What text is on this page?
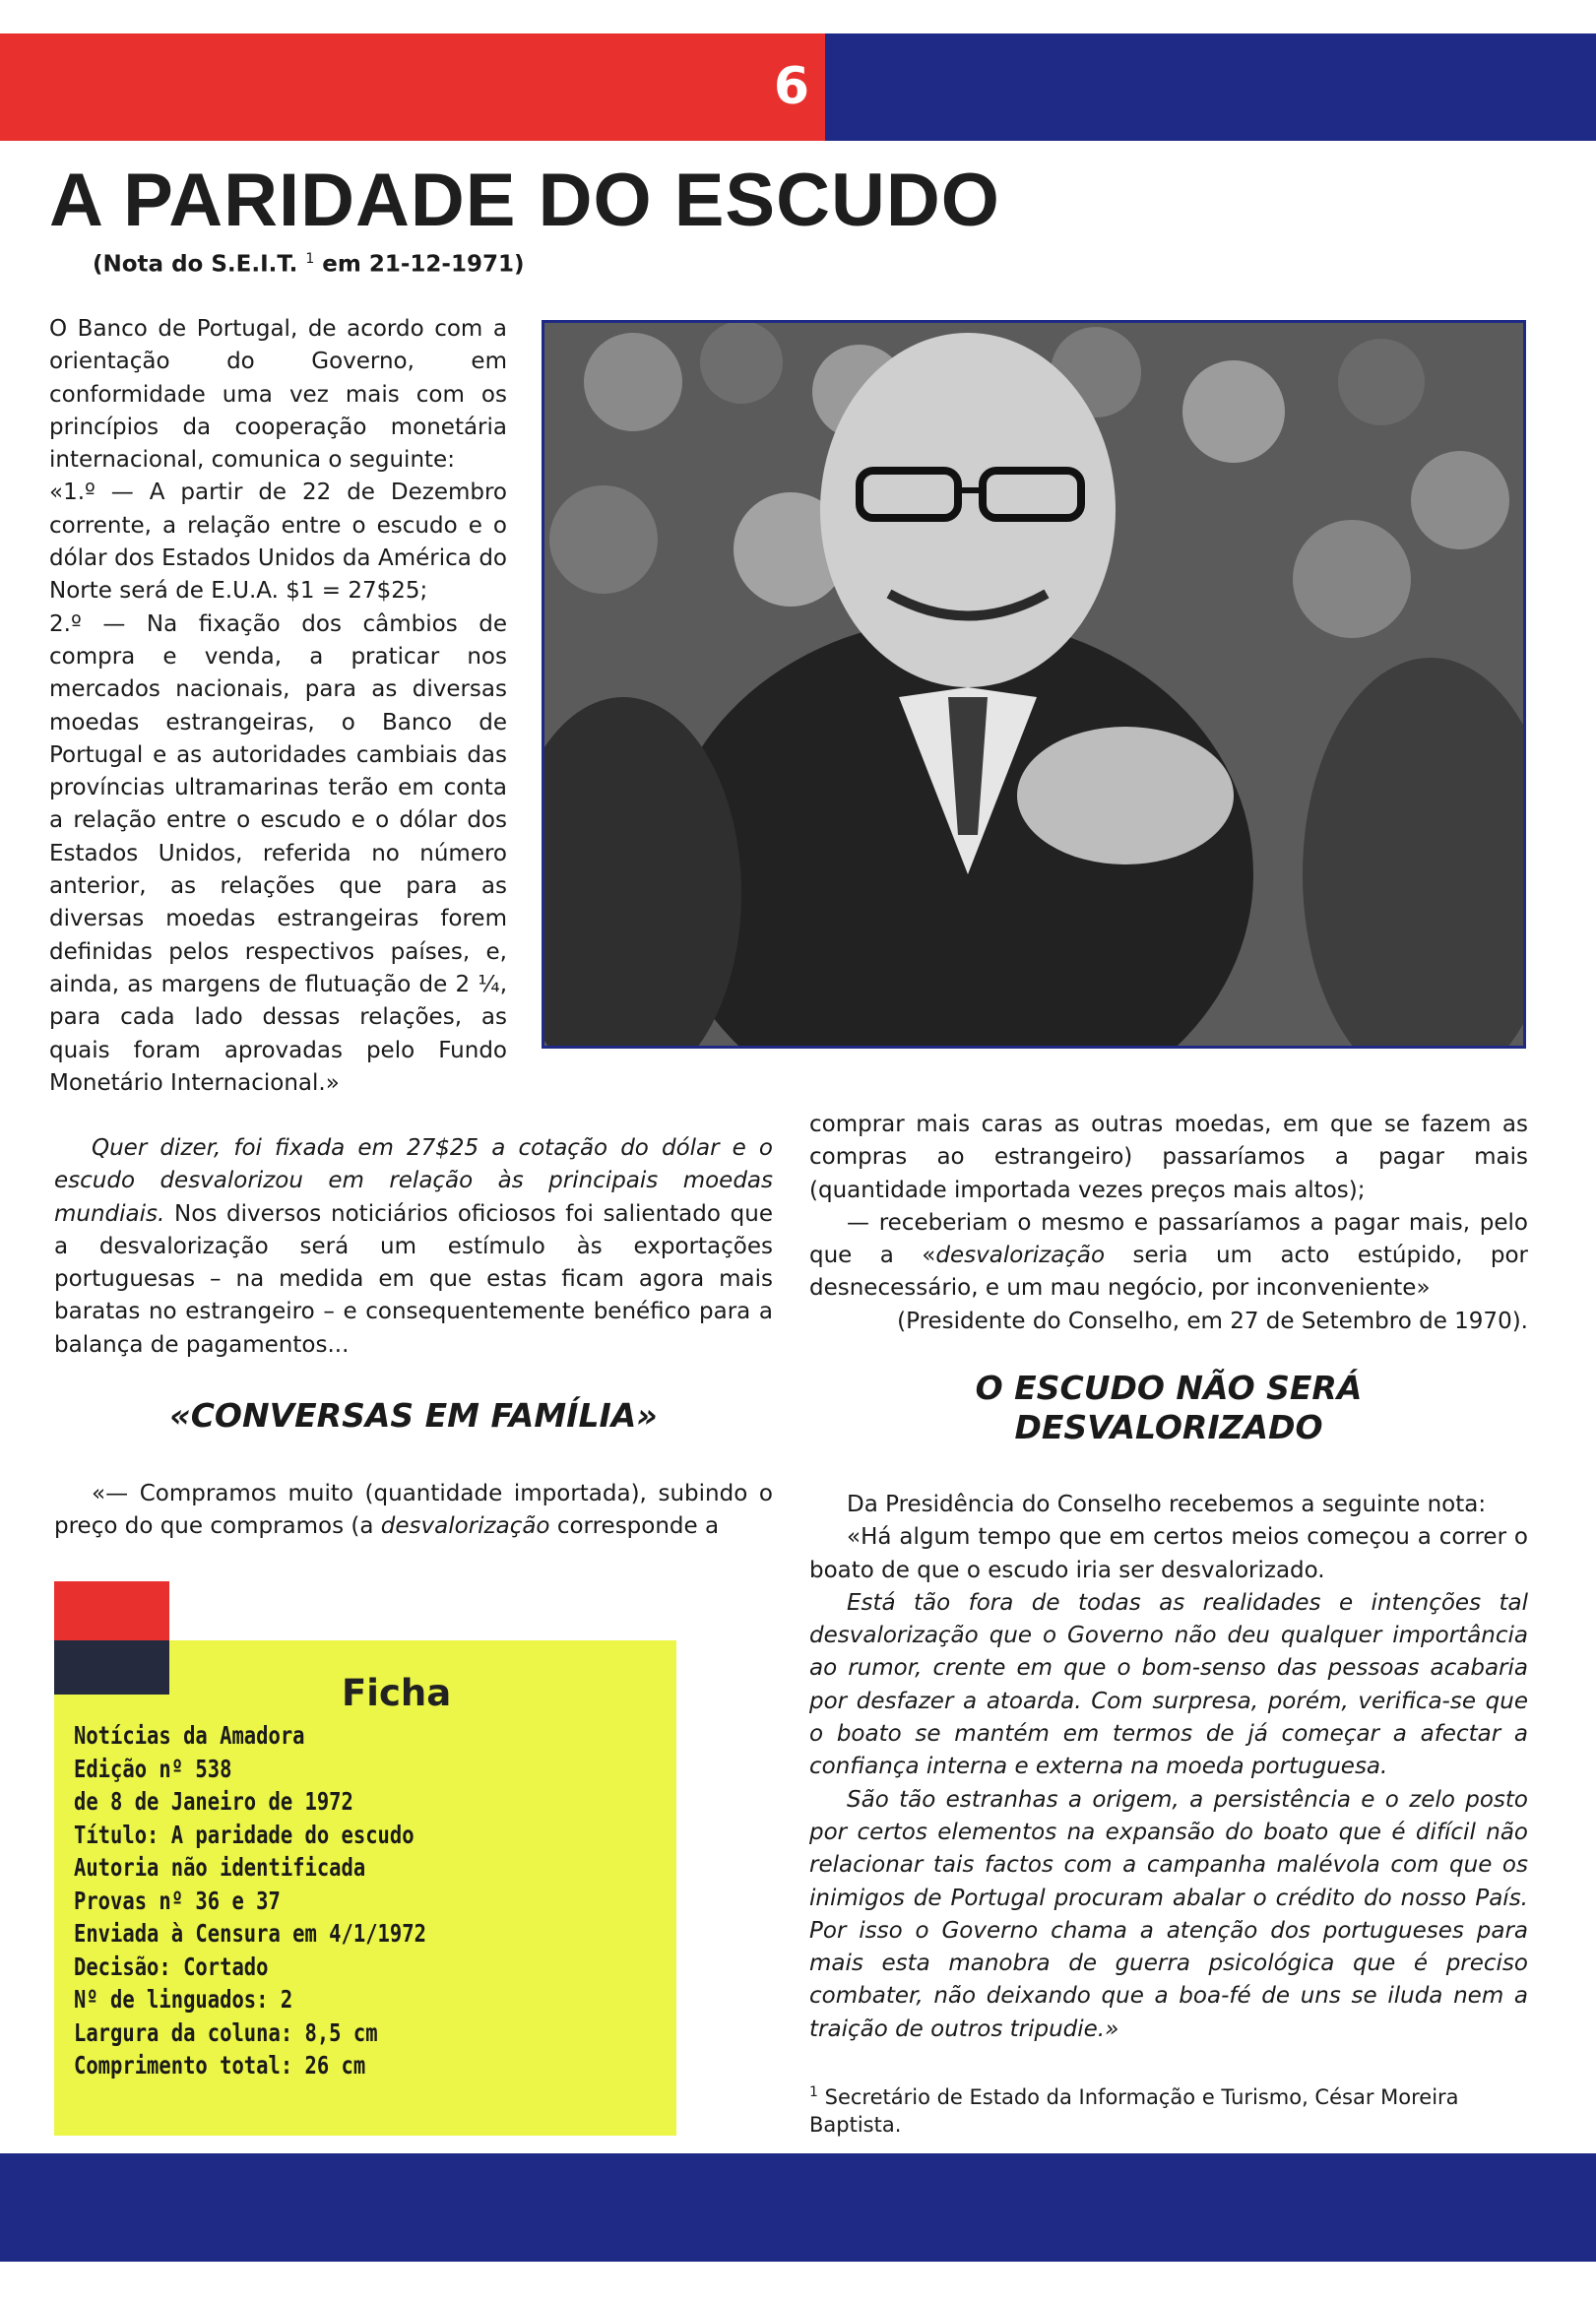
6
A PARIDADE DO ESCUDO

(Nota do S.E.I.T. $^1$ em 21-12-1971)

O Banco de Portugal, de acordo com a orientação do Governo, em conformidade uma vez mais com os princípios da cooperação monetária internacional, comunica o seguinte:

«1.º — A partir de 22 de Dezembro corrente, a relação entre o escudo e o dólar dos Estados Unidos da América do Norte será de E.U.A. $1 = 27$25;

2.º — Na fixação dos câmbios de compra e venda, a praticar nos mercados nacionais, para as diversas moedas estrangeiras, o Banco de Portugal e as autoridades cambiais das províncias ultramarinas terão em conta a relação entre o escudo e o dólar dos Estados Unidos, referida no número anterior, as relações que para as diversas moedas estrangeiras forem definidas pelos respectivos países, e, ainda, as margens de flutuação de 2 ¼, para cada lado dessas relações, as quais foram aprovadas pelo Fundo Monetário Internacional.»

Quer dizer, foi fixada em 27$25 a cotação do dólar e o escudo desvalorizou em relação às principais moedas mundiais. Nos diversos noticiários oficiosos foi salientado que a desvalorização será um estímulo às exportações portuguesas – na medida em que estas ficam agora mais baratas no estrangeiro – e consequentemente benéfico para a balança de pagamentos...

«CONVERSAS EM FAMÍLIA»

«— Compramos muito (quantidade importada), subindo o preço do que compramos (a desvalorização corresponde a

comprar mais caras as outras moedas, em que se fazem as compras ao estrangeiro) passaríamos a pagar mais (quantidade importada vezes preços mais altos);

— receberiam o mesmo e passaríamos a pagar mais, pelo que a «desvalorização seria um acto estúpido, por desnecessário, e um mau negócio, por inconveniente»

(Presidente do Conselho, em 27 de Setembro de 1970).

O ESCUDO NÃO SERÁ
DESVALORIZADO

Da Presidência do Conselho recebemos a seguinte nota:

«Há algum tempo que em certos meios começou a correr o boato de que o escudo iria ser desvalorizado.

Está tão fora de todas as realidades e intenções tal desvalorização que o Governo não deu qualquer importância ao rumor, crente em que o bom-senso das pessoas acabaria por desfazer a atoarda. Com surpresa, porém, verifica-se que o boato se mantém em termos de já começar a afectar a confiança interna e externa na moeda portuguesa.

São tão estranhas a origem, a persistência e o zelo posto por certos elementos na expansão do boato que é difícil não relacionar tais factos com a campanha malévola com que os inimigos de Portugal procuram abalar o crédito do nosso País. Por isso o Governo chama a atenção dos portugueses para mais esta manobra de guerra psicológica que é preciso combater, não deixando que a boa-fé de uns se iluda nem a traição de outros tripudie.»

$^1$ Secretário de Estado da Informação e Turismo, César Moreira Baptista.

Ficha
Notícias da Amadora
Edição nº 538
de 8 de Janeiro de 1972
Título: A paridade do escudo
Autoria não identificada
Provas nº 36 e 37
Enviada à Censura em 4/1/1972
Decisão: Cortado
Nº de linguados: 2
Largura da coluna: 8,5 cm
Comprimento total: 26 cm
